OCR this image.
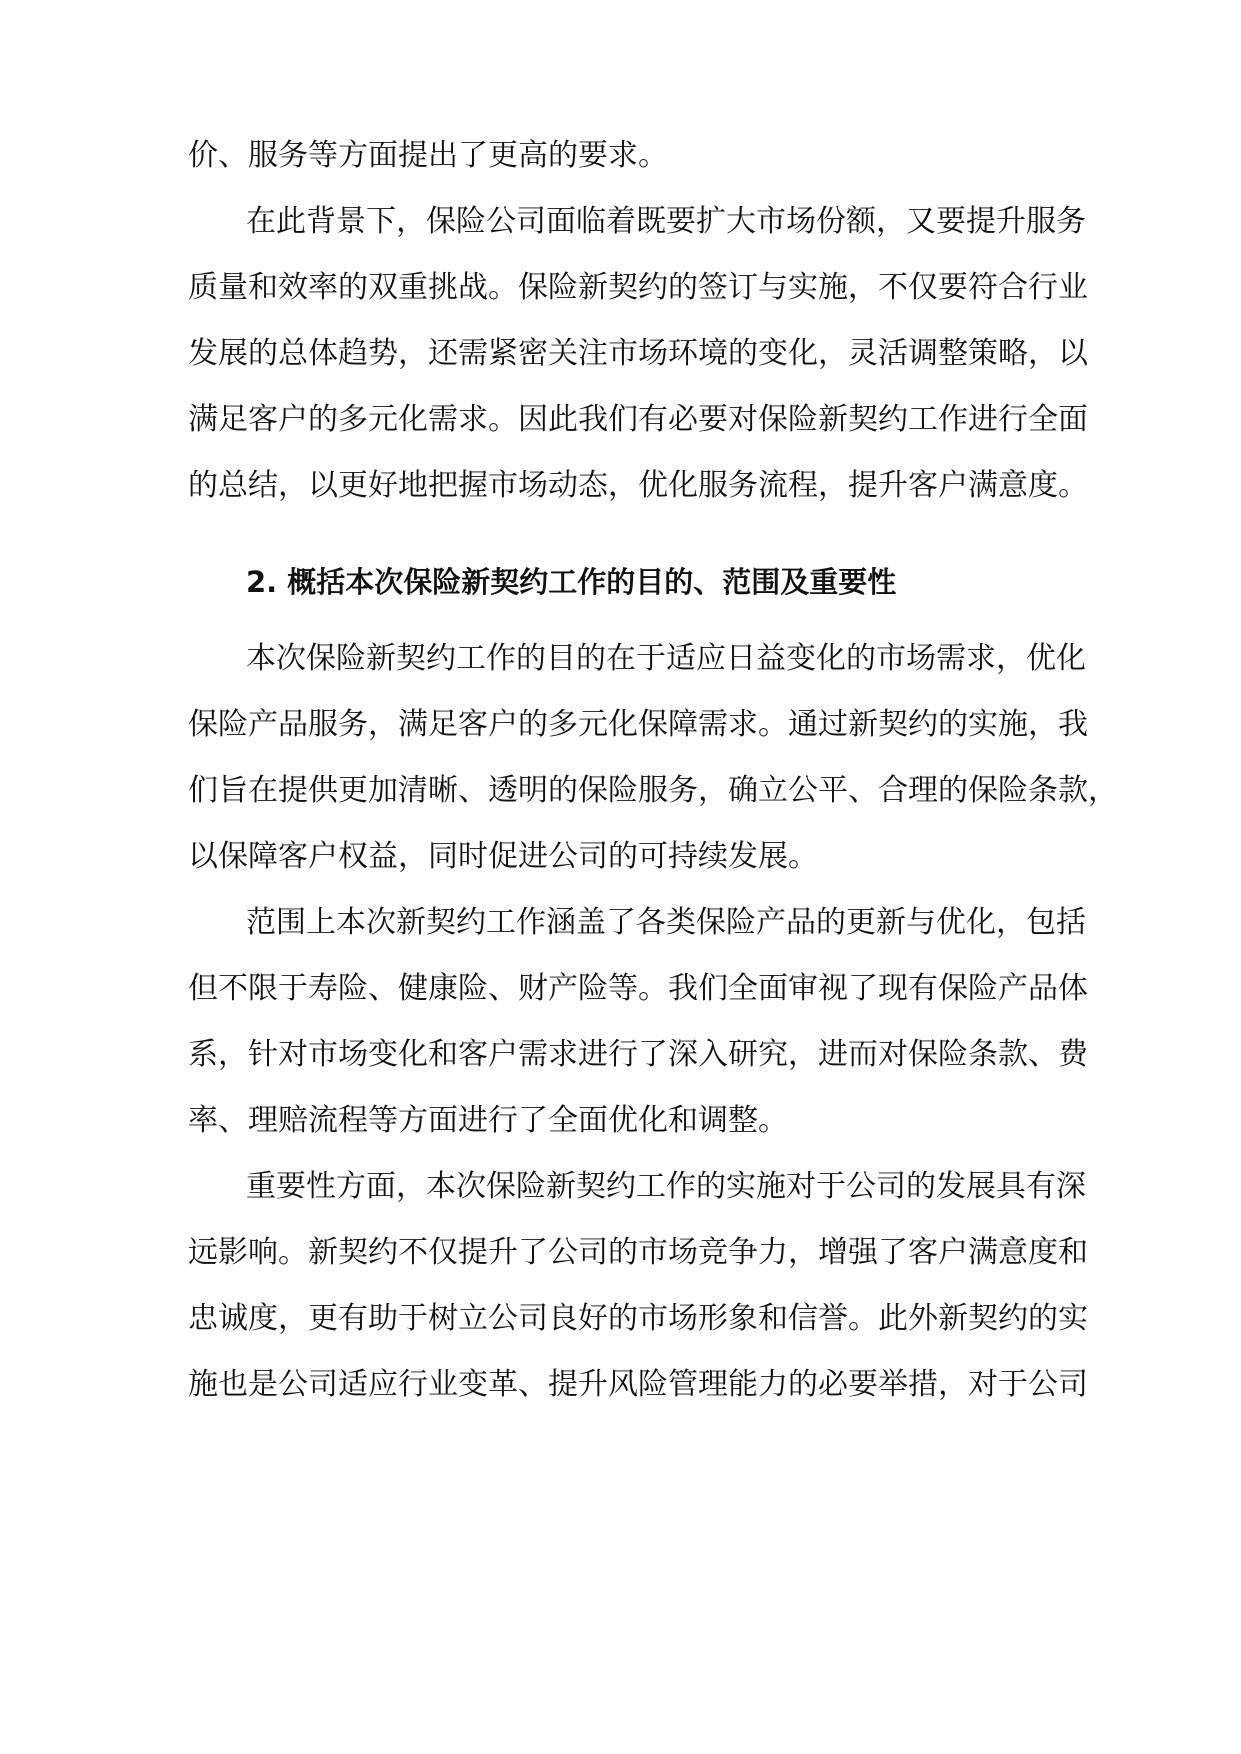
价、服务等方面提出了更高的要求。
在此背景下，保险公司面临着既要扩大市场份额，又要提升服务
质量和效率的双重挑战。保险新契约的签订与实施，不仅要符合行业
发展的总体趋势，还需紧密关注市场环境的变化，灵活调整策略，以
满足客户的多元化需求。因此我们有必要对保险新契约工作进行全面
的总结，以更好地把握市场动态，优化服务流程，提升客户满意度。
2. 概括本次保险新契约工作的目的、范围及重要性
本次保险新契约工作的目的在于适应日益变化的市场需求，优化
保险产品服务，满足客户的多元化保障需求。通过新契约的实施，我
们旨在提供更加清晰、透明的保险服务，确立公平、合理的保险条款，
以保障客户权益，同时促进公司的可持续发展。
范围上本次新契约工作涵盖了各类保险产品的更新与优化，包括
但不限于寿险、健康险、财产险等。我们全面审视了现有保险产品体
系，针对市场变化和客户需求进行了深入研究，进而对保险条款、费
率、理赔流程等方面进行了全面优化和调整。
重要性方面，本次保险新契约工作的实施对于公司的发展具有深
远影响。新契约不仅提升了公司的市场竞争力，增强了客户满意度和
忠诚度，更有助于树立公司良好的市场形象和信誉。此外新契约的实
施也是公司适应行业变革、提升风险管理能力的必要举措，对于公司
